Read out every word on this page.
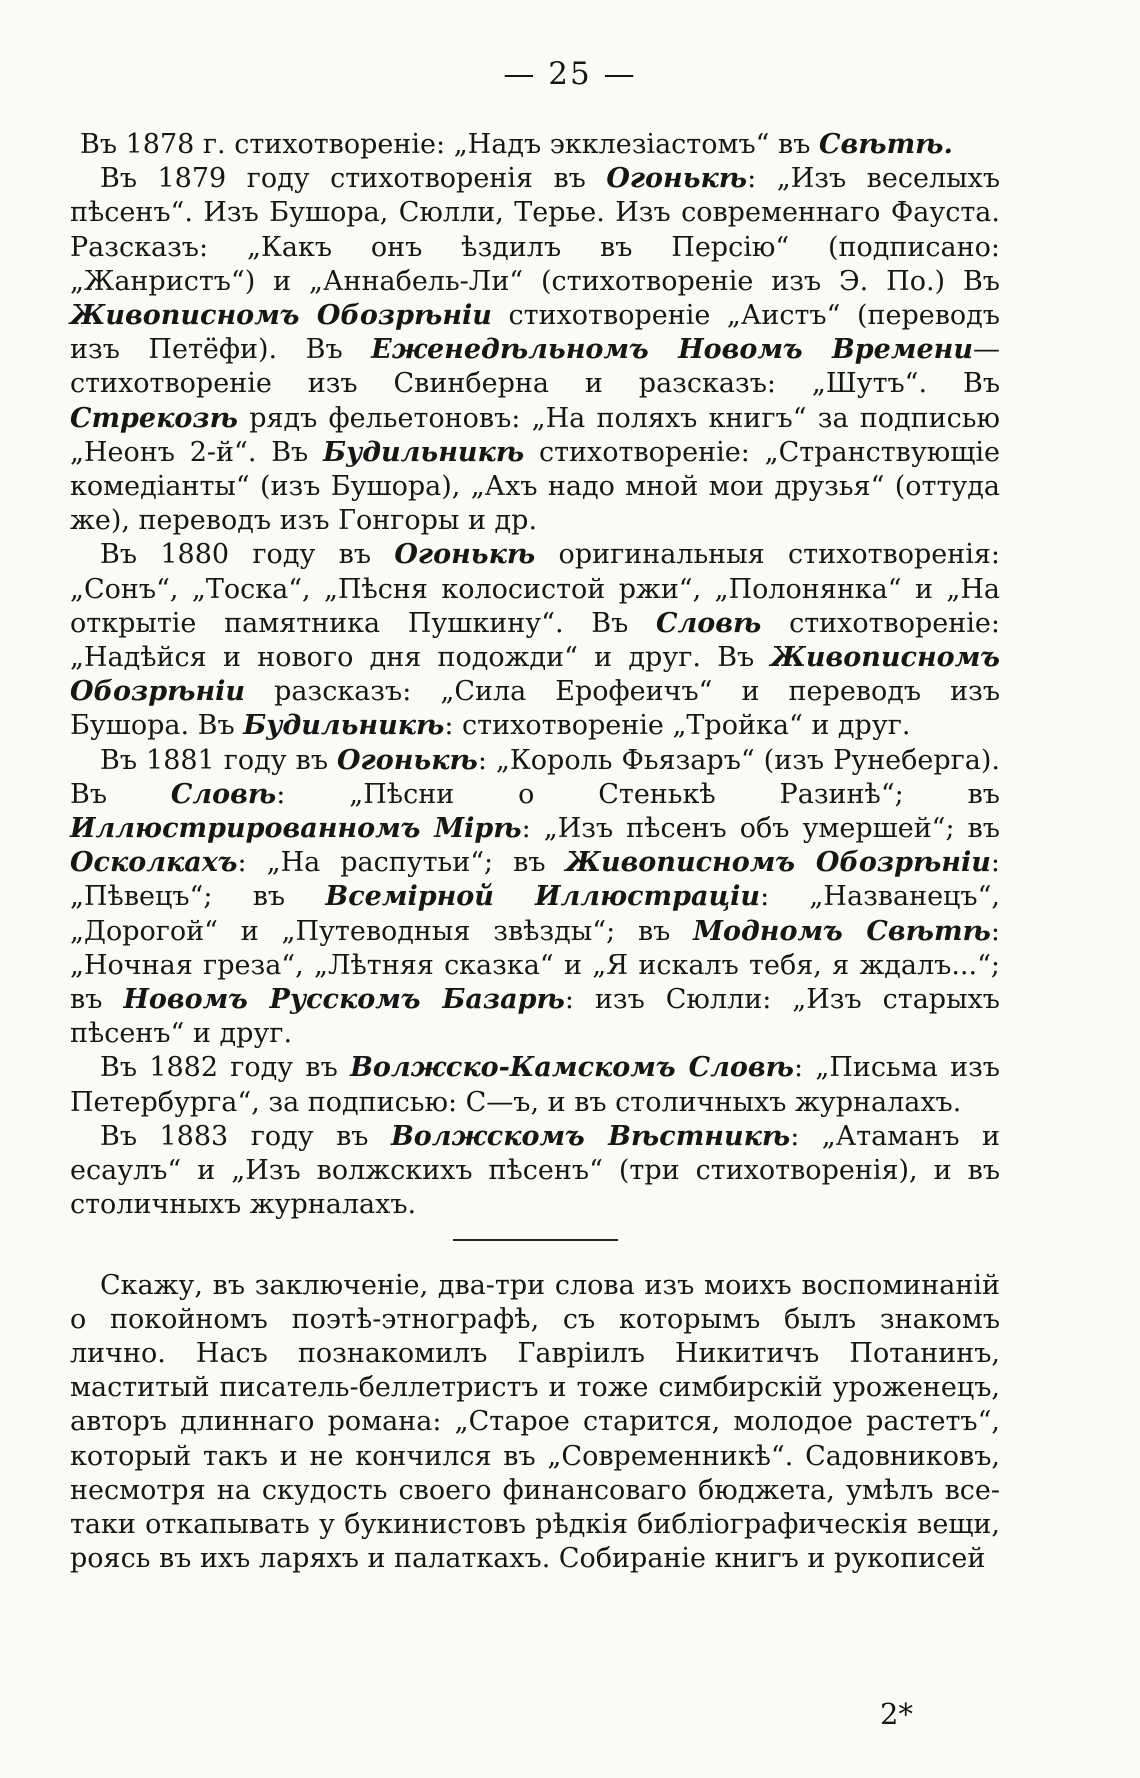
— 25 —

Въ 1878 г. стихотвореніе: „Надъ экклезіастомъ“ въ Свѣтѣ.

Въ 1879 году стихотворенія въ Огонькѣ: „Изъ веселыхъ пѣсенъ“. Изъ Бушора, Сюлли, Терье. Изъ современнаго Фауста. Разсказъ: „Какъ онъ ѣздилъ въ Персію“ (подписано: „Жанристъ“) и „Аннабель-Ли“ (стихотвореніе изъ Э. По.) Въ Живописномъ Обозрѣніи стихотвореніе „Аистъ“ (переводъ изъ Петёфи). Въ Еженедѣльномъ Новомъ Времени—стихотвореніе изъ Свинберна и разсказъ: „Шутъ“. Въ Стрекозѣ рядъ фельетоновъ: „На поляхъ книгъ“ за подписью „Неонъ 2-й“. Въ Будильникѣ стихотвореніе: „Странствующіе комедіанты“ (изъ Бушора), „Ахъ надо мной мои друзья“ (оттуда же), переводъ изъ Гонгоры и др.

Въ 1880 году въ Огонькѣ оригинальныя стихотворенія: „Сонъ“, „Тоска“, „Пѣсня колосистой ржи“, „Полонянка“ и „На открытіе памятника Пушкину“. Въ Словѣ стихотвореніе: „Надѣйся и нового дня подожди“ и друг. Въ Живописномъ Обозрѣніи разсказъ: „Сила Ерофеичъ“ и переводъ изъ Бушора. Въ Будильникѣ: стихотвореніе „Тройка“ и друг.

Въ 1881 году въ Огонькѣ: „Король Фьязаръ“ (изъ Рунеберга). Въ Словѣ: „Пѣсни о Стенькѣ Разинѣ“; въ Иллюстрированномъ Мірѣ: „Изъ пѣсенъ объ умершей“; въ Осколкахъ: „На распутьи“; въ Живописномъ Обозрѣніи: „Пѣвецъ“; въ Всемірной Иллюстраціи: „Названецъ“, „Дорогой“ и „Путеводныя звѣзды“; въ Модномъ Свѣтѣ: „Ночная греза“, „Лѣтняя сказка“ и „Я искалъ тебя, я ждалъ...“; въ Новомъ Русскомъ Базарѣ: изъ Сюлли: „Изъ старыхъ пѣсенъ“ и друг.

Въ 1882 году въ Волжско-Камскомъ Словѣ: „Письма изъ Петербурга“, за подписью: С—ъ, и въ столичныхъ журналахъ.

Въ 1883 году въ Волжскомъ Вѣстникѣ: „Атаманъ и есаулъ“ и „Изъ волжскихъ пѣсенъ“ (три стихотворенія), и въ столичныхъ журналахъ.

Скажу, въ заключеніе, два-три слова изъ моихъ воспоминаній о покойномъ поэтѣ-этнографѣ, съ которымъ былъ знакомъ лично. Насъ познакомилъ Гавріилъ Никитичъ Потанинъ, маститый писатель-беллетристъ и тоже симбирскій уроженецъ, авторъ длиннаго романа: „Старое старится, молодое растетъ“, который такъ и не кончился въ „Современникѣ“. Садовниковъ, несмотря на скудость своего финансоваго бюджета, умѣлъ все-таки откапывать у букинистовъ рѣдкія библіографическія вещи, роясь въ ихъ ларяхъ и палаткахъ. Собираніе книгъ и рукописей

2*
